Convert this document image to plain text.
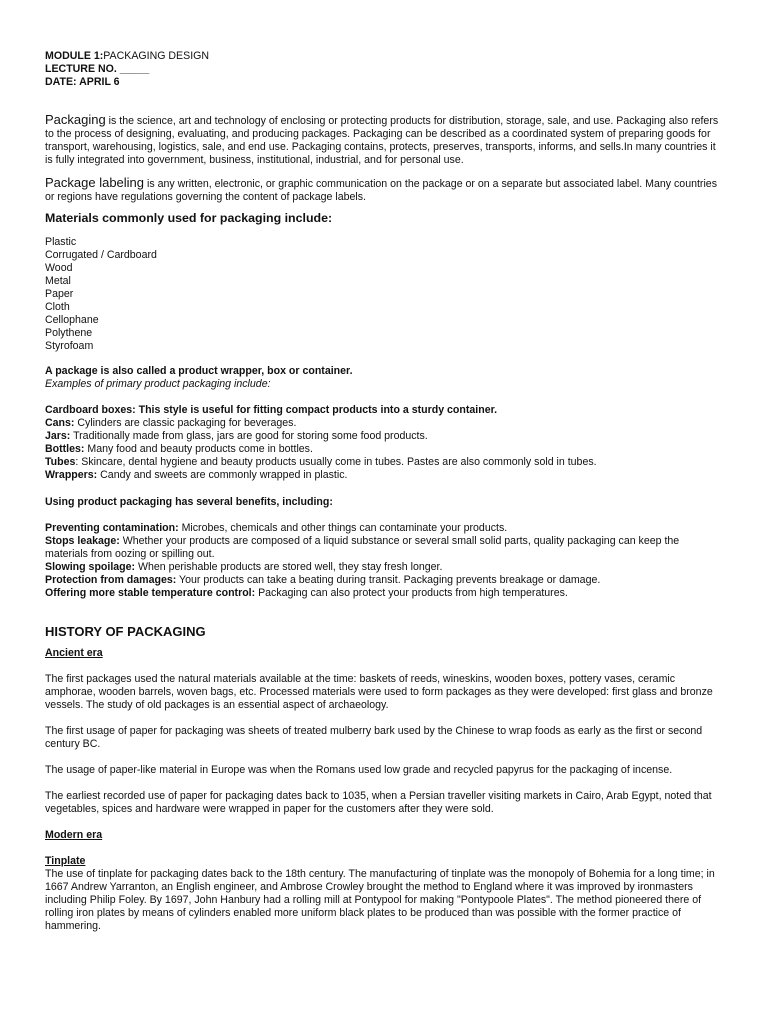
MODULE 1:PACKAGING DESIGN
LECTURE NO. _____
DATE: APRIL 6

Packaging is the science, art and technology of enclosing or protecting products for distribution, storage, sale, and use. Packaging also refers to the process of designing, evaluating, and producing packages. Packaging can be described as a coordinated system of preparing goods for transport, warehousing, logistics, sale, and end use. Packaging contains, protects, preserves, transports, informs, and sells.In many countries it is fully integrated into government, business, institutional, industrial, and for personal use.

Package labeling is any written, electronic, or graphic communication on the package or on a separate but associated label. Many countries or regions have regulations governing the content of package labels.

Materials commonly used for packaging include:

Plastic
Corrugated / Cardboard
Wood
Metal
Paper
Cloth
Cellophane
Polythene
Styrofoam
A package is also called a product wrapper, box or container.
Examples of primary product packaging include:
Cardboard boxes: This style is useful for fitting compact products into a sturdy container.
Cans: Cylinders are classic packaging for beverages.
Jars: Traditionally made from glass, jars are good for storing some food products.
Bottles: Many food and beauty products come in bottles.
Tubes: Skincare, dental hygiene and beauty products usually come in tubes. Pastes are also commonly sold in tubes.
Wrappers: Candy and sweets are commonly wrapped in plastic.

Using product packaging has several benefits, including:

Preventing contamination: Microbes, chemicals and other things can contaminate your products.
Stops leakage: Whether your products are composed of a liquid substance or several small solid parts, quality packaging can keep the materials from oozing or spilling out.
Slowing spoilage: When perishable products are stored well, they stay fresh longer.
Protection from damages: Your products can take a beating during transit. Packaging prevents breakage or damage.
Offering more stable temperature control: Packaging can also protect your products from high temperatures.

HISTORY OF PACKAGING

Ancient era

The first packages used the natural materials available at the time: baskets of reeds, wineskins, wooden boxes, pottery vases, ceramic amphorae, wooden barrels, woven bags, etc. Processed materials were used to form packages as they were developed: first glass and bronze vessels. The study of old packages is an essential aspect of archaeology.

The first usage of paper for packaging was sheets of treated mulberry bark used by the Chinese to wrap foods as early as the first or second century BC.

The usage of paper-like material in Europe was when the Romans used low grade and recycled papyrus for the packaging of incense.

The earliest recorded use of paper for packaging dates back to 1035, when a Persian traveller visiting markets in Cairo, Arab Egypt, noted that vegetables, spices and hardware were wrapped in paper for the customers after they were sold.

Modern era

Tinplate

The use of tinplate for packaging dates back to the 18th century. The manufacturing of tinplate was the monopoly of Bohemia for a long time; in 1667 Andrew Yarranton, an English engineer, and Ambrose Crowley brought the method to England where it was improved by ironmasters including Philip Foley. By 1697, John Hanbury had a rolling mill at Pontypool for making "Pontypoole Plates". The method pioneered there of rolling iron plates by means of cylinders enabled more uniform black plates to be produced than was possible with the former practice of hammering.
